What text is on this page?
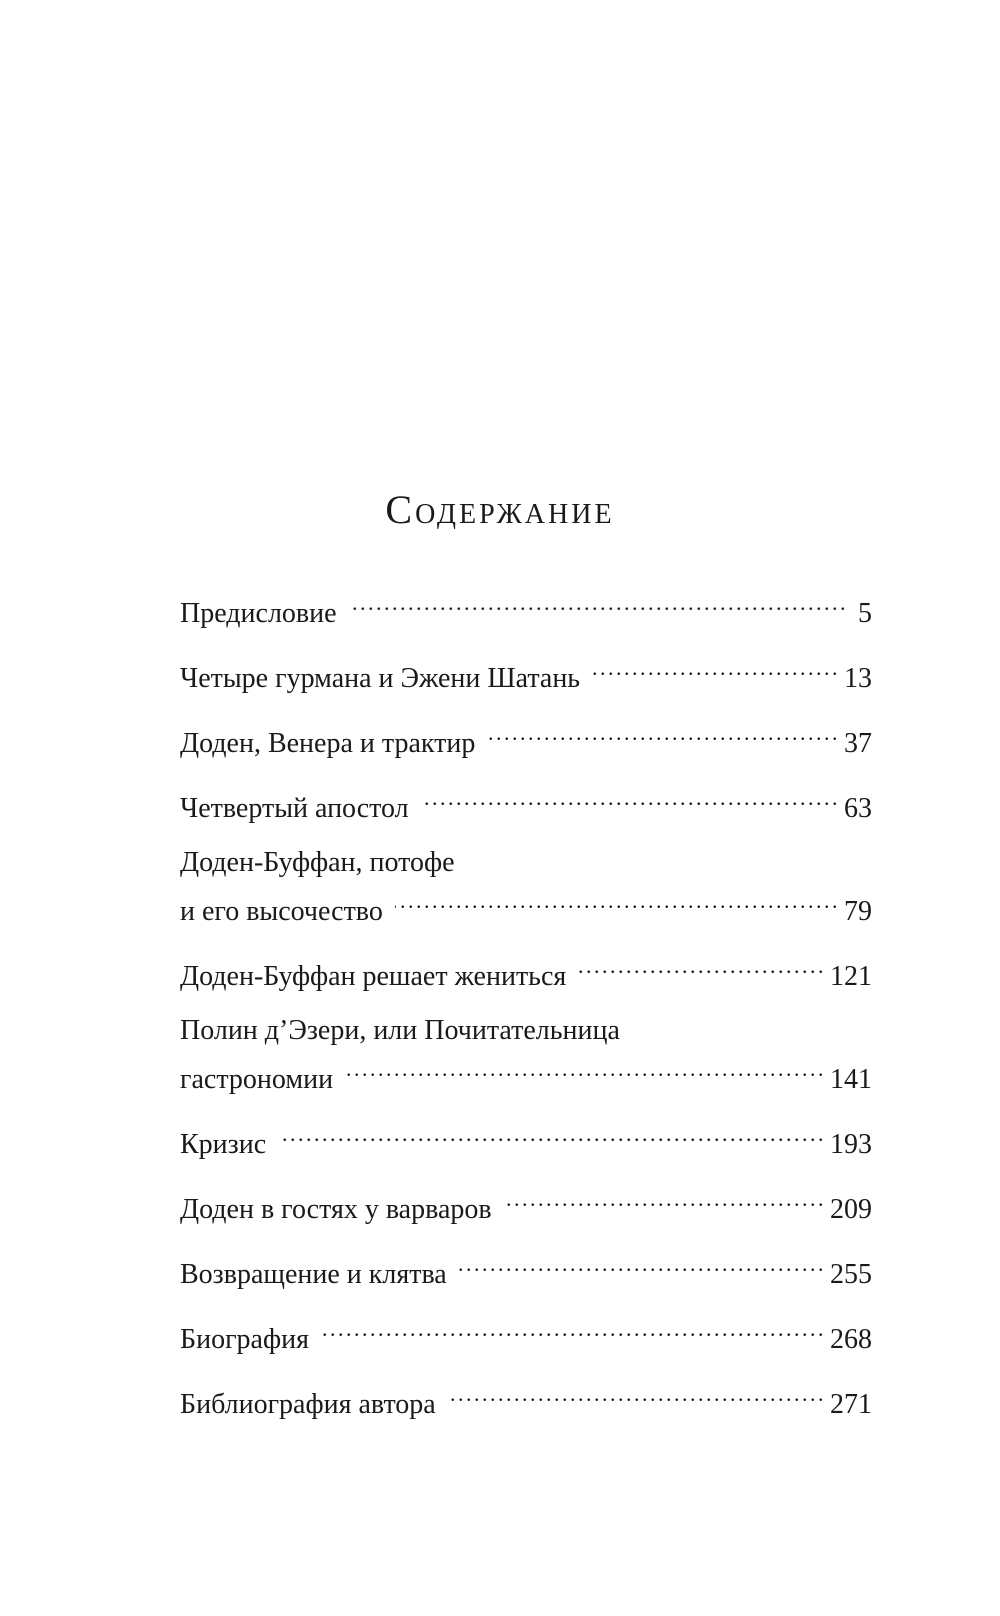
Содержание
Предисловие . . .	5
Четыре гурмана и Эжени Шатань . . .	13
Доден, Венера и трактир . . .	37
Четвертый апостол . . .	63
Доден-Буффан, потофе
и его высочество . . .	79
Доден-Буффан решает жениться . . .	121
Полин д’Эзери, или Почитательница
гастрономии . . .	141
Кризис . . .	193
Доден в гостях у варваров . . .	209
Возвращение и клятва . . .	255
Биография . . .	268
Библиография автора . . .	271
